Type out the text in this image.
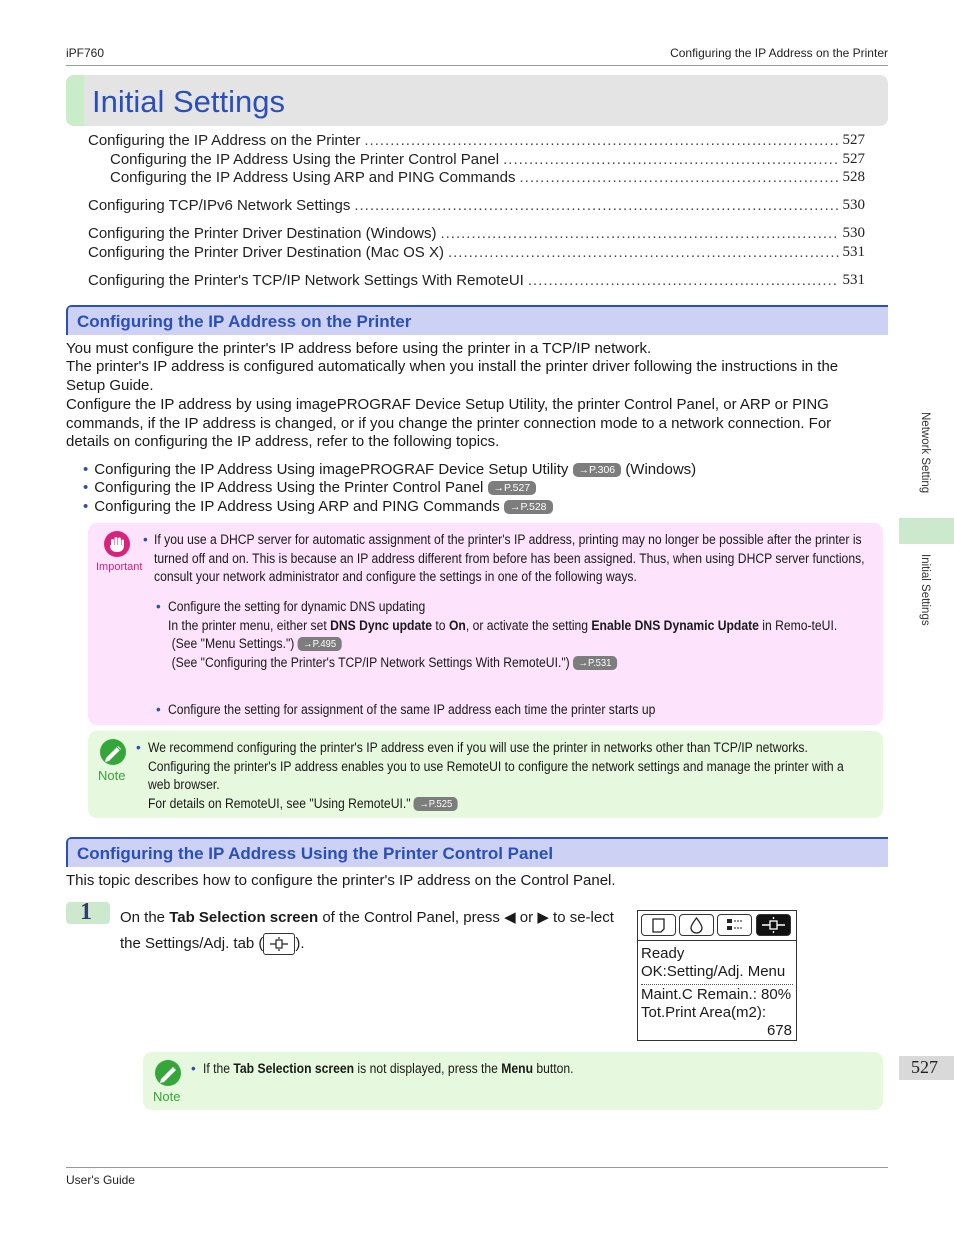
iPF760	Configuring the IP Address on the Printer
Initial Settings
Configuring the IP Address on the Printer .....	527
Configuring the IP Address Using the Printer Control Panel .....	527
Configuring the IP Address Using ARP and PING Commands .....	528
Configuring TCP/IPv6 Network Settings .....	530
Configuring the Printer Driver Destination (Windows) .....	530
Configuring the Printer Driver Destination (Mac OS X) .....	531
Configuring the Printer's TCP/IP Network Settings With RemoteUI .....	531
Configuring the IP Address on the Printer
You must configure the printer's IP address before using the printer in a TCP/IP network.
The printer's IP address is configured automatically when you install the printer driver following the instructions in the Setup Guide.
Configure the IP address by using imagePROGRAF Device Setup Utility, the printer Control Panel, or ARP or PING commands, if the IP address is changed, or if you change the printer connection mode to a network connection. For details on configuring the IP address, refer to the following topics.
• Configuring the IP Address Using imagePROGRAF Device Setup Utility →P.306 (Windows)
• Configuring the IP Address Using the Printer Control Panel →P.527
• Configuring the IP Address Using ARP and PING Commands →P.528
Important
• If you use a DHCP server for automatic assignment of the printer's IP address, printing may no longer be possible after the printer is turned off and on. This is because an IP address different from before has been assigned. Thus, when using DHCP server functions, consult your network administrator and configure the settings in one of the following ways.
• Configure the setting for dynamic DNS updating
In the printer menu, either set DNS Dync update to On, or activate the setting Enable DNS Dynamic Update in Remo-teUI.
(See "Menu Settings.") →P.495
(See "Configuring the Printer's TCP/IP Network Settings With RemoteUI.") →P.531
• Configure the setting for assignment of the same IP address each time the printer starts up
Note
• We recommend configuring the printer's IP address even if you will use the printer in networks other than TCP/IP networks. Configuring the printer's IP address enables you to use RemoteUI to configure the network settings and manage the printer with a web browser.
For details on RemoteUI, see "Using RemoteUI." →P.525
Configuring the IP Address Using the Printer Control Panel
This topic describes how to configure the printer's IP address on the Control Panel.
1 On the Tab Selection screen of the Control Panel, press ◀ or ▶ to se-lect the Settings/Adj. tab ( ).
Ready
OK:Setting/Adj. Menu
Maint.C Remain.: 80%
Tot.Print Area(m2):
678
Note
• If the Tab Selection screen is not displayed, press the Menu button.
Network Setting
Initial Settings
527
User's Guide
